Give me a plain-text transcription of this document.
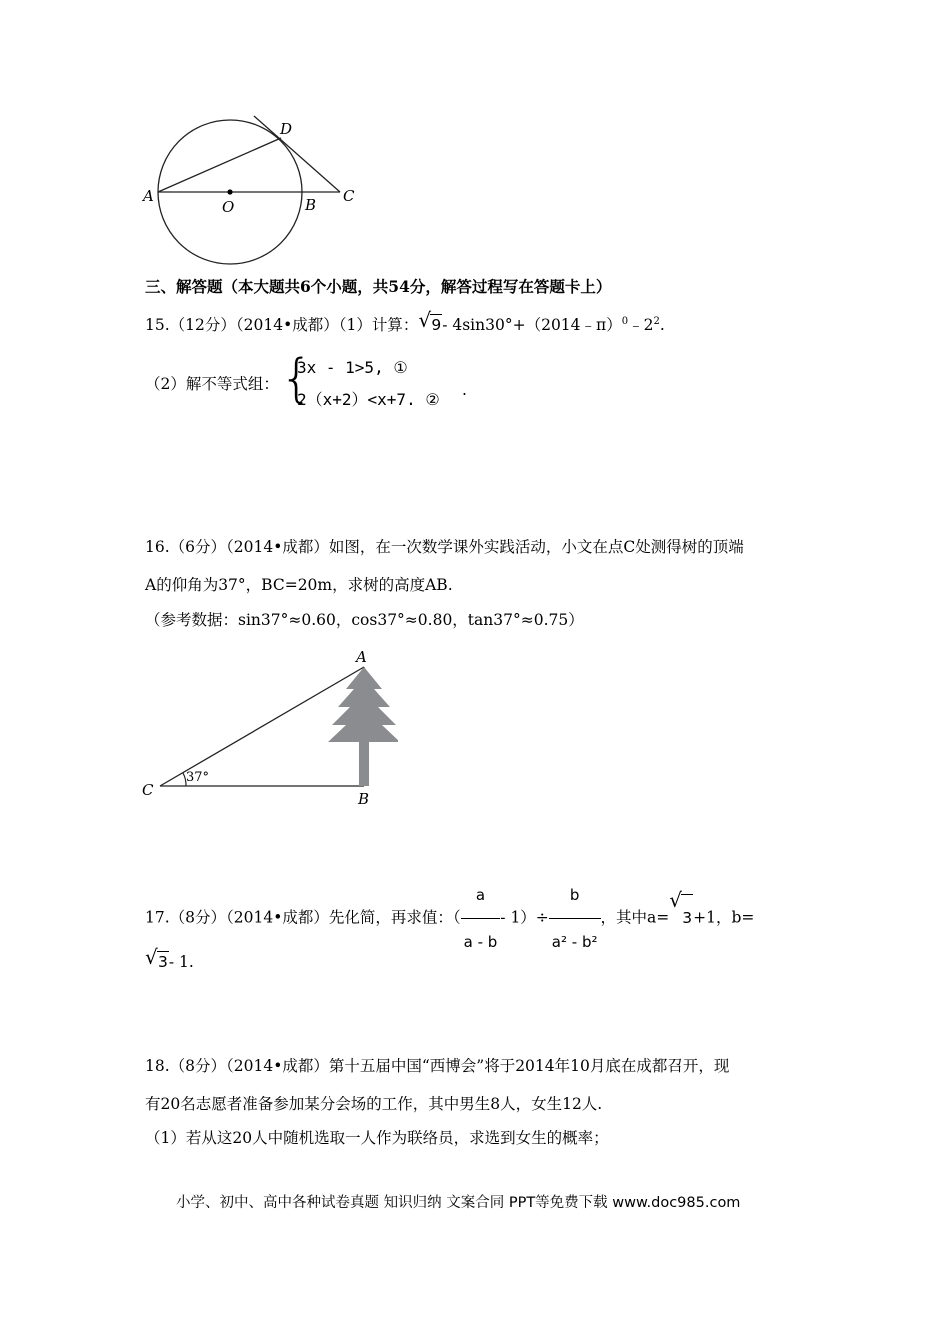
A
O	B C
D
三、解答题（本大题共6个小题，共54分，解答过程写在答题卡上）
15.（12分）（2014•成都）（1）计算： √ 9- $4\sin 30^\circ+(2014﹣\pi)^0﹣2^2$.
（2）解不等式组： {
3x - 1>5, ①
2（x+2）<x+7. ② .
16.（6分）（2014•成都）如图，在一次数学课外实践活动，小文在点C处测得树的顶端
A的仰角为37°，BC=20m，求树的高度AB.
（参考数据：sin37°≈0.60，cos37°≈0.80，tan37°≈0.75）
37°
A
B
C
17.（8分）（2014•成都）先化简，再求值：（ $\frac{a}{a - b} - 1)\div \frac{b}{\text{a² - b²}}$ ，其中a=
√
3+1，b=
√ 3- 1.
18.（8分）（2014•成都）第十五届中国“西博会”将于2014年10月底在成都召开，现
有20名志愿者准备参加某分会场的工作，其中男生8人，女生12人.
（1）若从这20人中随机选取一人作为联络员，求选到女生的概率；
小学、初中、高中各种试卷真题 知识归纳 文案合同 PPT等免费下载 www.doc985.com
